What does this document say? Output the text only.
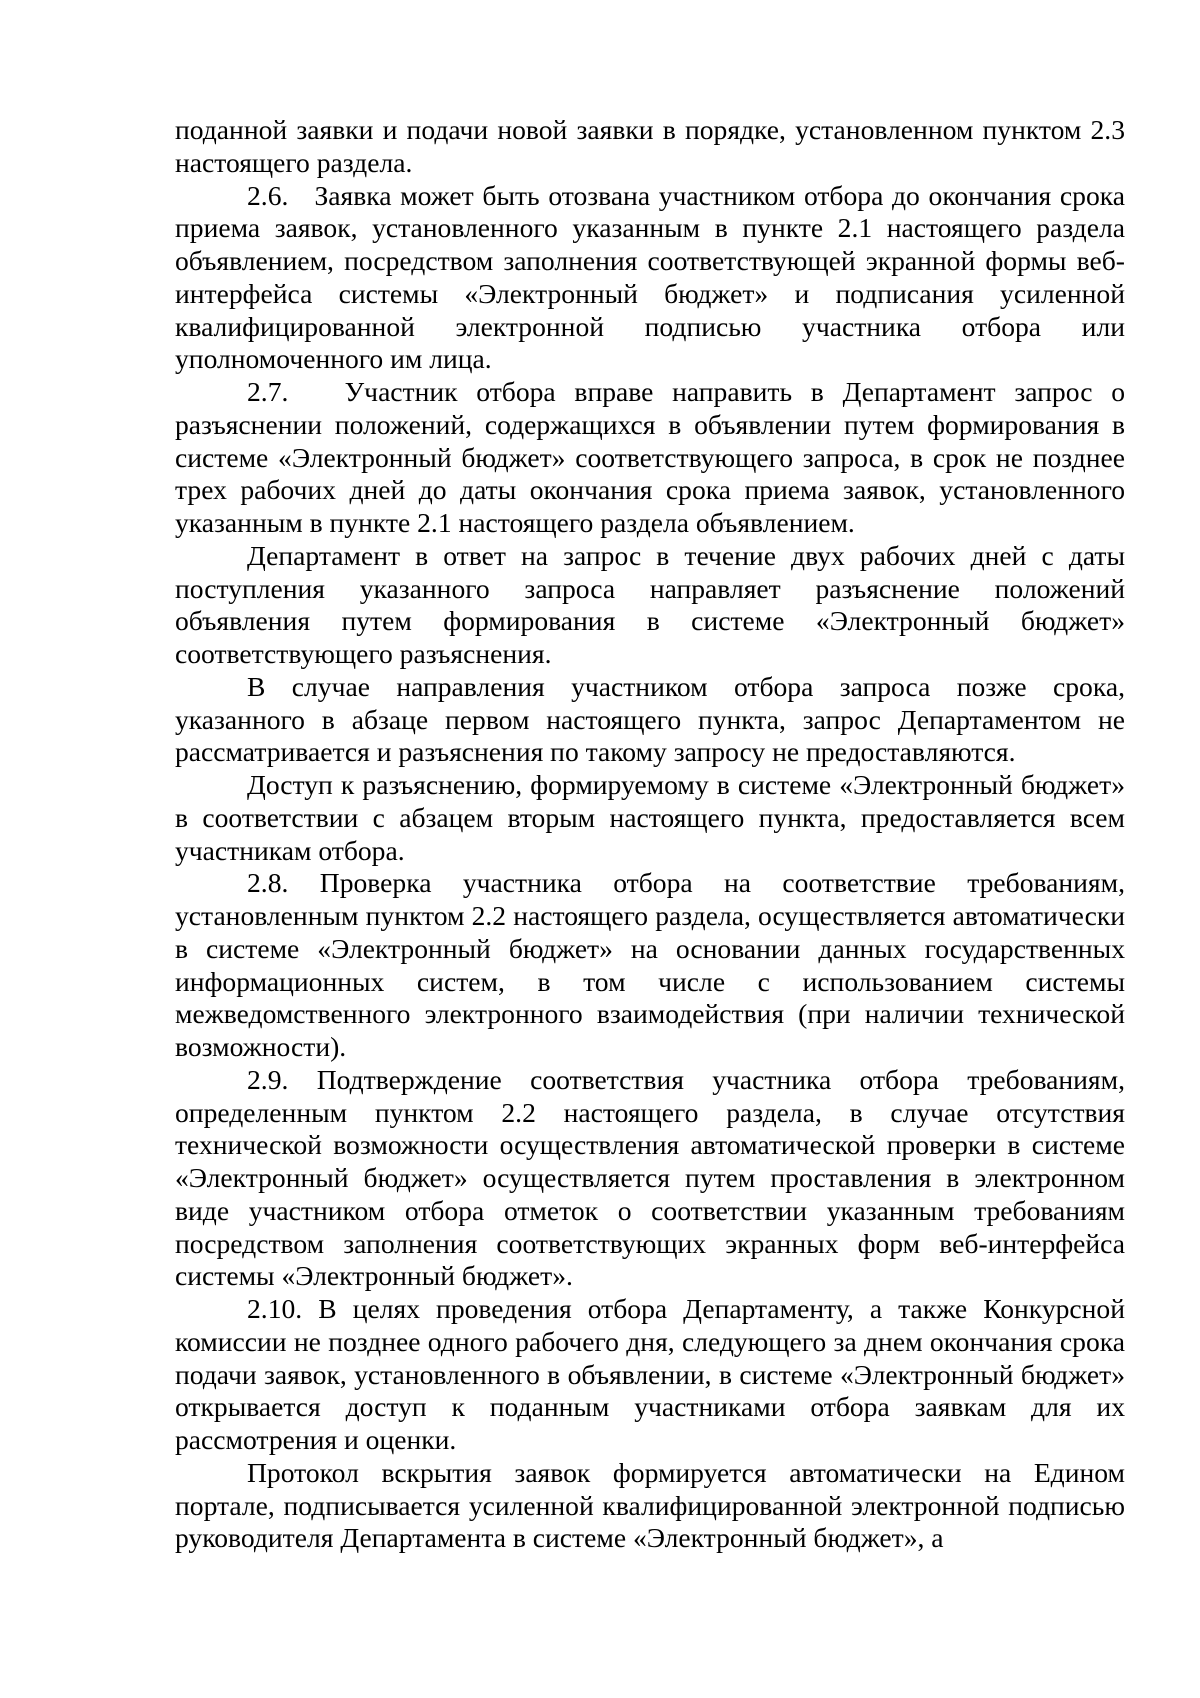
поданной заявки и подачи новой заявки в порядке, установленном пунктом 2.3 настоящего раздела.

2.6.   Заявка может быть отозвана участником отбора до окончания срока приема заявок, установленного указанным в пункте 2.1 настоящего раздела объявлением, посредством заполнения соответствующей экранной формы веб-интерфейса системы «Электронный бюджет» и подписания усиленной квалифицированной электронной подписью участника отбора или уполномоченного им лица.

2.7.   Участник отбора вправе направить в Департамент запрос о разъяснении положений, содержащихся в объявлении путем формирования в системе «Электронный бюджет» соответствующего запроса, в срок не позднее трех рабочих дней до даты окончания срока приема заявок, установленного указанным в пункте 2.1 настоящего раздела объявлением.

Департамент в ответ на запрос в течение двух рабочих дней с даты поступления указанного запроса направляет разъяснение положений объявления путем формирования в системе «Электронный бюджет» соответствующего разъяснения.

В случае направления участником отбора запроса позже срока, указанного в абзаце первом настоящего пункта, запрос Департаментом не рассматривается и разъяснения по такому запросу не предоставляются.

Доступ к разъяснению, формируемому в системе «Электронный бюджет» в соответствии с абзацем вторым настоящего пункта, предоставляется всем участникам отбора.

2.8. Проверка участника отбора на соответствие требованиям, установленным пунктом 2.2 настоящего раздела, осуществляется автоматически в системе «Электронный бюджет» на основании данных государственных информационных систем, в том числе с использованием системы межведомственного электронного взаимодействия (при наличии технической возможности).

2.9. Подтверждение соответствия участника отбора требованиям, определенным пунктом 2.2 настоящего раздела, в случае отсутствия технической возможности осуществления автоматической проверки в системе «Электронный бюджет» осуществляется путем проставления в электронном виде участником отбора отметок о соответствии указанным требованиям посредством заполнения соответствующих экранных форм веб-интерфейса системы «Электронный бюджет».

2.10. В целях проведения отбора Департаменту, а также Конкурсной комиссии не позднее одного рабочего дня, следующего за днем окончания срока подачи заявок, установленного в объявлении, в системе «Электронный бюджет» открывается доступ к поданным участниками отбора заявкам для их рассмотрения и оценки.

Протокол вскрытия заявок формируется автоматически на Едином портале, подписывается усиленной квалифицированной электронной подписью руководителя Департамента в системе «Электронный бюджет», а
